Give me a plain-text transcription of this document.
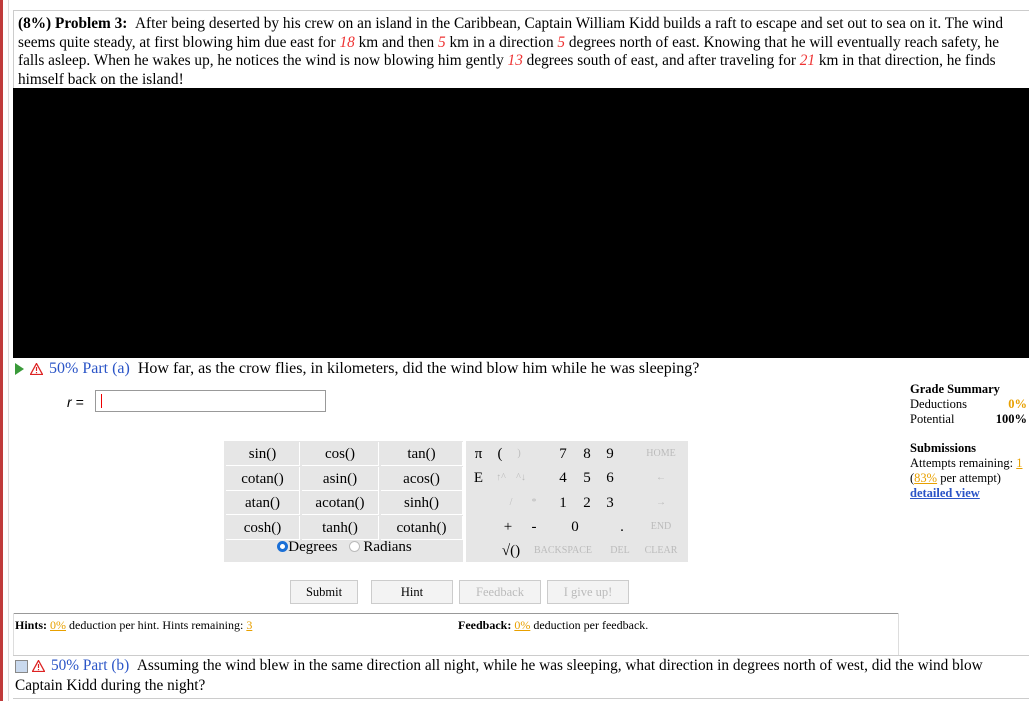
(8%) Problem 3: After being deserted by his crew on an island in the Caribbean, Captain William Kidd builds a raft to escape and set out to sea on it. The wind seems quite steady, at first blowing him due east for 18 km and then 5 km in a direction 5 degrees north of east. Knowing that he will eventually reach safety, he falls asleep. When he wakes up, he notices the wind is now blowing him gently 13 degrees south of east, and after traveling for 21 km in that direction, he finds himself back on the island!
50% Part (a) How far, as the crow flies, in kilometers, did the wind blow him while he was sleeping?
r =
sin()	cos()	tan()
cotan()	asin()	acos()
atan()	acotan()	sinh()
cosh()	tanh()	cotanh()
Degrees Radians
π	(	)	7	8	9	HOME
E	↑^	^↓	4	5	6	←
/	*	1	2	3	→
+	-	0	.	END
√()	BACKSPACE	DEL	CLEAR
Submit	Hint	Feedback	I give up!
Hints: 0% deduction per hint. Hints remaining: 3	Feedback: 0% deduction per feedback.
Grade Summary
Deductions	0%
Potential	100%
Submissions
Attempts remaining: 1
(83% per attempt)
detailed view
50% Part (b) Assuming the wind blew in the same direction all night, while he was sleeping, what direction in degrees north of west, did the wind blow Captain Kidd during the night?
